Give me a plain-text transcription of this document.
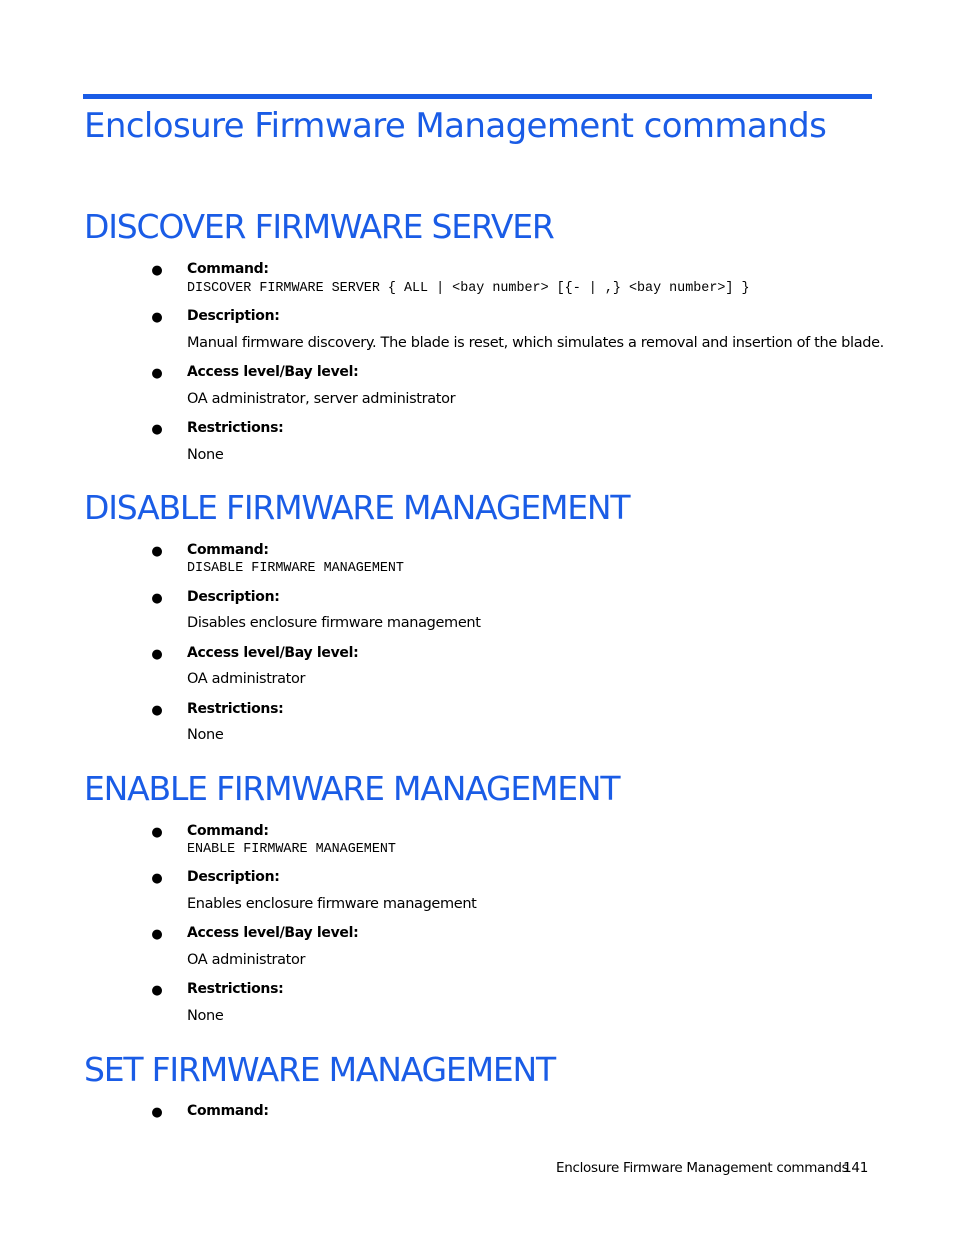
Enclosure Firmware Management commands
DISCOVER FIRMWARE SERVER
● Command:
DISCOVER FIRMWARE SERVER { ALL | <bay number> [{- | ,} <bay number>] }
● Description:
Manual firmware discovery. The blade is reset, which simulates a removal and insertion of the blade.
● Access level/Bay level:
OA administrator, server administrator
● Restrictions:
None
DISABLE FIRMWARE MANAGEMENT
● Command:
DISABLE FIRMWARE MANAGEMENT
● Description:
Disables enclosure firmware management
● Access level/Bay level:
OA administrator
● Restrictions:
None
ENABLE FIRMWARE MANAGEMENT
● Command:
ENABLE FIRMWARE MANAGEMENT
● Description:
Enables enclosure firmware management
● Access level/Bay level:
OA administrator
● Restrictions:
None
SET FIRMWARE MANAGEMENT
● Command:
Enclosure Firmware Management commands
141
